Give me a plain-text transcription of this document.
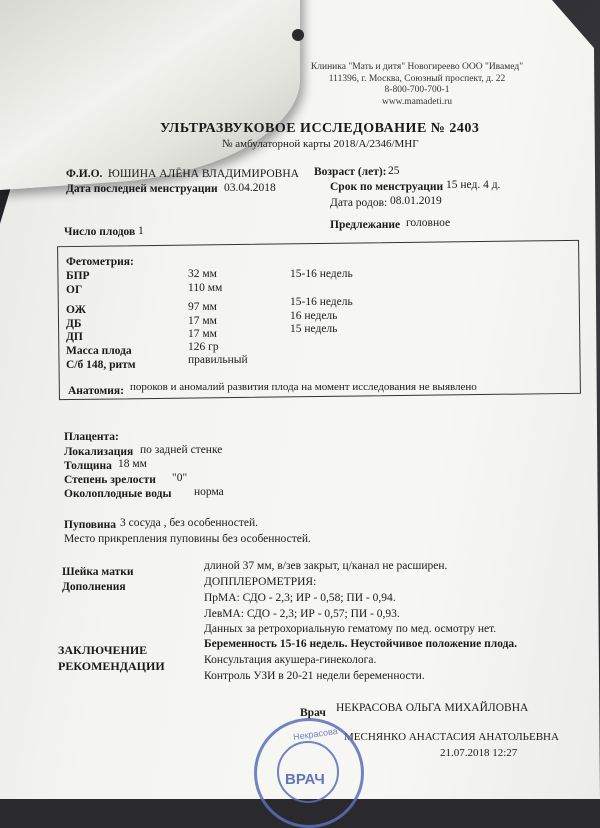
Клиника "Мать и дитя" Новогиреево ООО "Ивамед"
111396, г. Москва, Союзный проспект, д. 22
8-800-700-700-1
www.mamadeti.ru
УЛЬТРАЗВУКОВОЕ ИССЛЕДОВАНИЕ № 2403
№ амбулаторной карты 2018/А/2346/МНГ
Ф.И.О. ЮШИНА АЛЁНА ВЛАДИМИРОВНА
Дата последней менструации 03.04.2018
Возраст (лет): 25
Срок по менструации 15 нед. 4 д.
Дата родов: 08.01.2019
Число плодов 1	Предлежание головное
Фетометрия:
БПР	32 мм	15-16 недель
ОГ	110 мм
ОЖ	97 мм	15-16 недель
ДБ	17 мм	16 недель
ДП	17 мм	15 недель
Масса плода	126 гр
С/б 148, ритм	правильный
Анатомия: пороков и аномалий развития плода на момент исследования не выявлено
Плацента:
Локализация по задней стенке
Толщина 18 мм
Степень зрелости "0"
Околоплодные воды норма
Пуповина 3 сосуда , без особенностей.
Место прикрепления пуповины без особенностей.
Шейка матки	длиной 37 мм, в/зев закрыт, ц/канал не расширен.
Дополнения	ДОППЛЕРОМЕТРИЯ:
ПрМА: СДО - 2,3; ИР - 0,58; ПИ - 0,94.
ЛевМА: СДО - 2,3; ИР - 0,57; ПИ - 0,93.
Данных за ретрохориальную гематому по мед. осмотру нет.
ЗАКЛЮЧЕНИЕ	Беременность 15-16 недель. Неустойчивое положение плода.
РЕКОМЕНДАЦИИ	Консультация акушера-гинеколога.
Контроль УЗИ в 20-21 недели беременности.
Врач НЕКРАСОВА ОЛЬГА МИХАЙЛОВНА
МЕСНЯНКО АНАСТАСИЯ АНАТОЛЬЕВНА
21.07.2018 12:27
ВРАЧ
Некрасова
